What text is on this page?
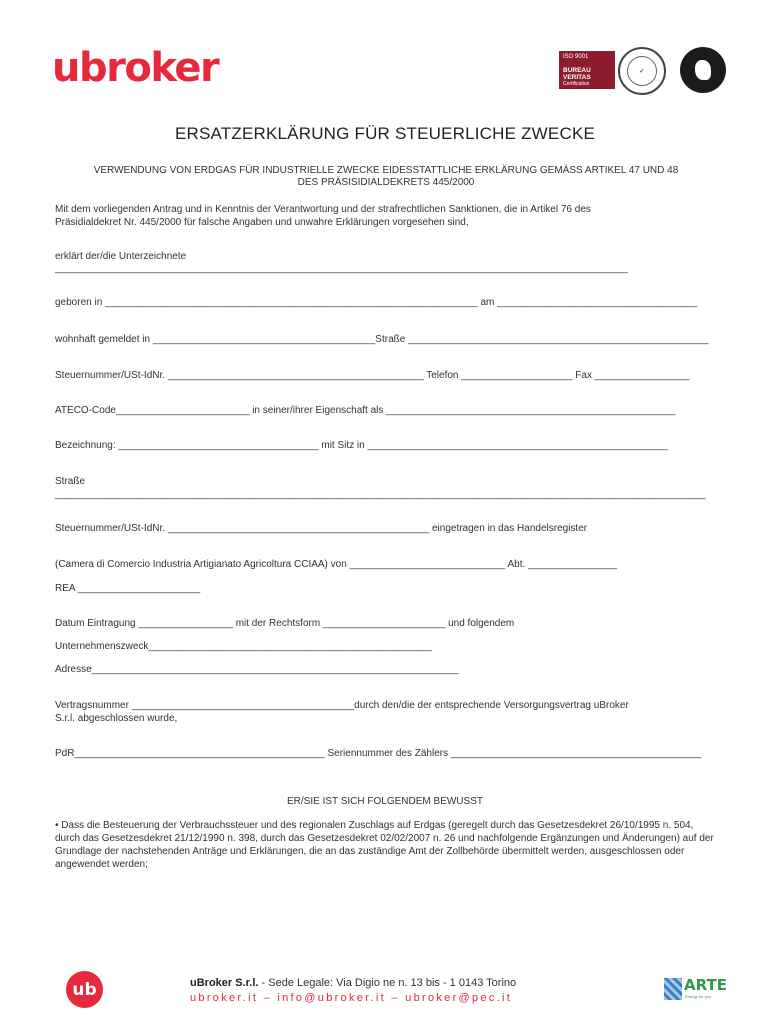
ubroker	ISO 9001
BUREAU VERITAS
Certification
✓
ERSATZERKLÄRUNG FÜR STEUERLICHE ZWECKE
VERWENDUNG VON ERDGAS FÜR INDUSTRIELLE ZWECKE EIDESSTATTLICHE ERKLÄRUNG GEMÄSS ARTIKEL 47 UND 48
DES PRÄSISIDIALDEKRETS 445/2000
Mit dem vorliegenden Antrag und in Kenntnis der Verantwortung und der strafrechtlichen Sanktionen, die in Artikel 76 des
Präsidialdekret Nr. 445/2000 für falsche Angaben und unwahre Erklärungen vorgesehen sind,
erklärt der/die Unterzeichnete
_______________________________________________________________________________________________________
geboren in ___________________________________________________________________ am ____________________________________
wohnhaft gemeldet in ________________________________________Straße ______________________________________________________
Steuernummer/USt-IdNr. ______________________________________________ Telefon ____________________ Fax _________________
ATECO-Code________________________ in seiner/ihrer Eigenschaft als ____________________________________________________
Bezeichnung: ____________________________________ mit Sitz in ______________________________________________________
Straße
_____________________________________________________________________________________________________________________
Steuernummer/USt-IdNr. _______________________________________________ eingetragen in das Handelsregister
(Camera di Comercio Industria Artigianato Agricoltura CCIAA) von ____________________________ Abt. ________________
REA ______________________
Datum Eintragung _________________ mit der Rechtsform ______________________ und folgendem
Unternehmenszweck___________________________________________________
Adresse__________________________________________________________________
Vertragsnummer ________________________________________durch den/die der entsprechende Versorgungsvertrag uBroker
S.r.l. abgeschlossen wurde,
PdR_____________________________________________ Seriennummer des Zählers _____________________________________________
ER/SIE IST SICH FOLGENDEM BEWUSST
• Dass die Besteuerung der Verbrauchssteuer und des regionalen Zuschlags auf Erdgas (geregelt durch das Gesetzesdekret 26/10/1995 n. 504, durch das Gesetzesdekret 21/12/1990 n. 398, durch das Gesetzesdekret 02/02/2007 n. 26 und nachfolgende Ergänzungen und Änderungen) auf der Grundlage der nachstehenden Anträge und Erklärungen, die an das zuständige Amt der Zollbehörde übermittelt werden, ausgeschlossen oder angewendet werden;
ub	uBroker S.r.l. - Sede Legale: Via Digio ne n. 13 bis - 1 0143 Torino
ubroker.it – info@ubroker.it – ubroker@pec.it
ARTE
Energy for you
